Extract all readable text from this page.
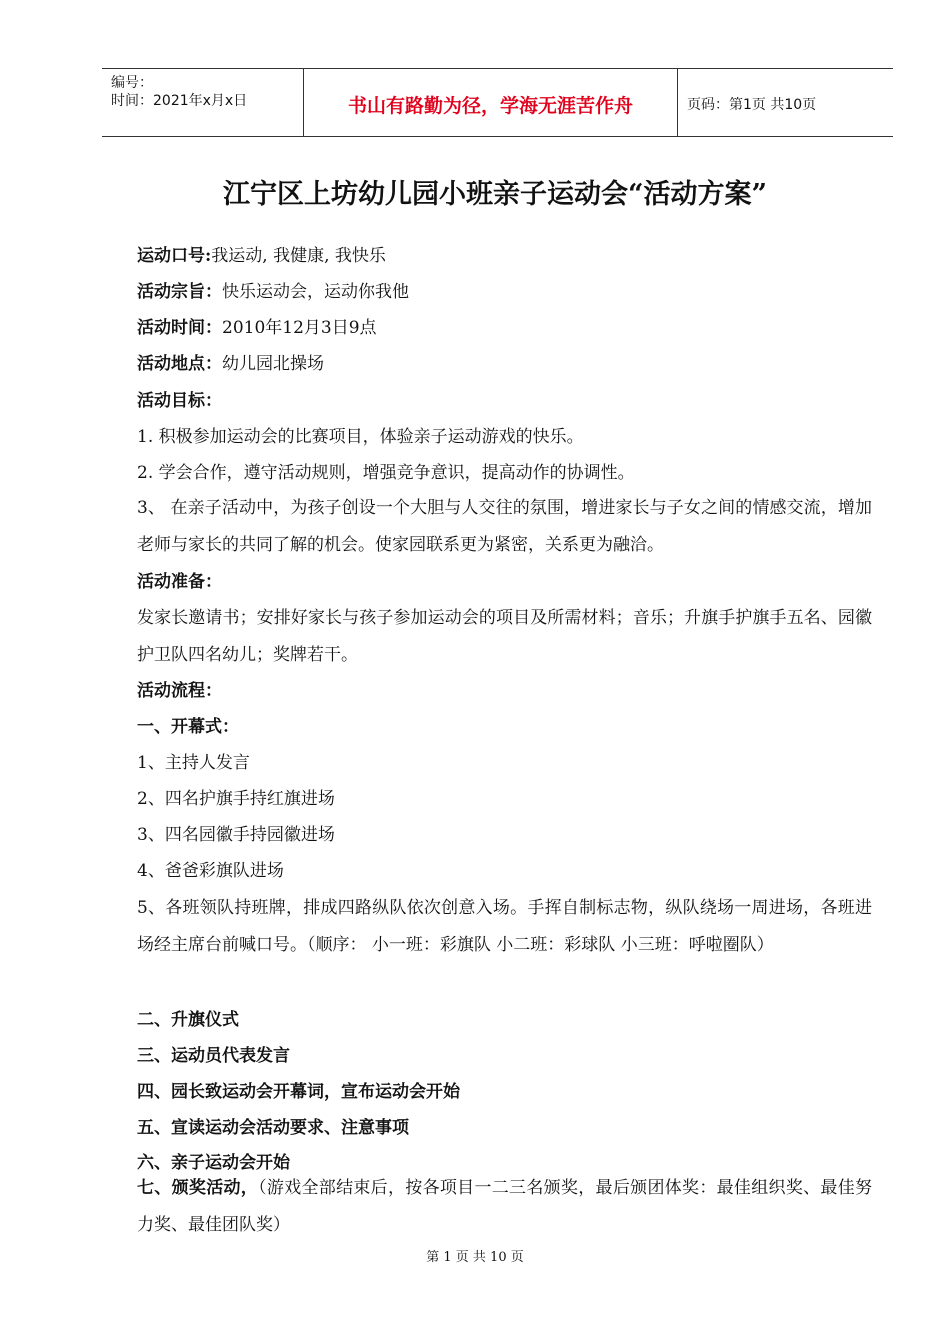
编号：
时间：2021年x月x日	书山有路勤为径，学海无涯苦作舟	页码：第1页 共10页
江宁区上坊幼儿园小班亲子运动会“活动方案”
运动口号:我运动, 我健康, 我快乐
活动宗旨：快乐运动会，运动你我他
活动时间：2010年12月3日9点
活动地点：幼儿园北操场
活动目标：
1. 积极参加运动会的比赛项目，体验亲子运动游戏的快乐。
2. 学会合作，遵守活动规则，增强竞争意识，提高动作的协调性。
3、 在亲子活动中，为孩子创设一个大胆与人交往的氛围，增进家长与子女之间的情感交流，增加老师与家长的共同了解的机会。使家园联系更为紧密，关系更为融洽。
活动准备：
发家长邀请书；安排好家长与孩子参加运动会的项目及所需材料；音乐；升旗手护旗手五名、园徽护卫队四名幼儿；奖牌若干。
活动流程：
一、开幕式：
1、主持人发言
2、四名护旗手持红旗进场
3、四名园徽手持园徽进场
4、爸爸彩旗队进场
5、各班领队持班牌，排成四路纵队依次创意入场。手挥自制标志物，纵队绕场一周进场，各班进场经主席台前喊口号。（顺序： 小一班：彩旗队 小二班：彩球队 小三班：呼啦圈队）
二、升旗仪式
三、运动员代表发言
四、园长致运动会开幕词，宣布运动会开始
五、宣读运动会活动要求、注意事项
六、亲子运动会开始
七、颁奖活动，（游戏全部结束后，按各项目一二三名颁奖，最后颁团体奖：最佳组织奖、最佳努力奖、最佳团队奖）
第 1 页 共 10 页
